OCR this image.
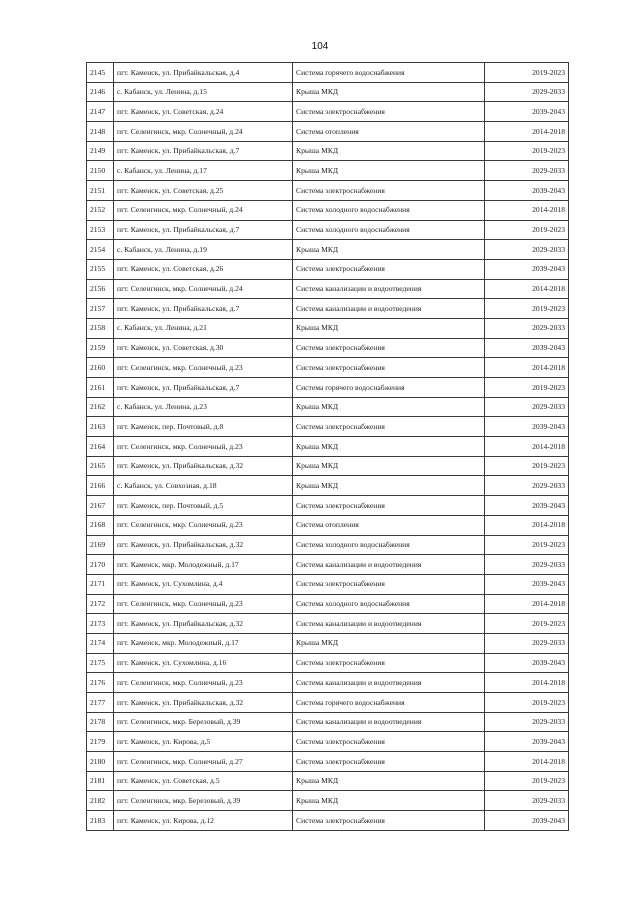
104
2145	пгт. Каменск, ул. Прибайкальская, д.4	Система горячего водоснабжения	2019-2023
2146	с. Кабанск, ул. Ленина, д.15	Крыша МКД	2029-2033
2147	пгт. Каменск, ул. Советская, д.24	Система электроснабжения	2039-2043
2148	пгт. Селенгинск, мкр. Солнечный, д.24	Система отопления	2014-2018
2149	пгт. Каменск, ул. Прибайкальская, д.7	Крыша МКД	2019-2023
2150	с. Кабанск, ул. Ленина, д.17	Крыша МКД	2029-2033
2151	пгт. Каменск, ул. Советская, д.25	Система электроснабжения	2039-2043
2152	пгт. Селенгинск, мкр. Солнечный, д.24	Система холодного водоснабжения	2014-2018
2153	пгт. Каменск, ул. Прибайкальская, д.7	Система холодного водоснабжения	2019-2023
2154	с. Кабанск, ул. Ленина, д.19	Крыша МКД	2029-2033
2155	пгт. Каменск, ул. Советская, д.26	Система электроснабжения	2039-2043
2156	пгт. Селенгинск, мкр. Солнечный, д.24	Система канализации и водоотведения	2014-2018
2157	пгт. Каменск, ул. Прибайкальская, д.7	Система канализации и водоотведения	2019-2023
2158	с. Кабанск, ул. Ленина, д.21	Крыша МКД	2029-2033
2159	пгт. Каменск, ул. Советская, д.30	Система электроснабжения	2039-2043
2160	пгт. Селенгинск, мкр. Солнечный, д.23	Система электроснабжения	2014-2018
2161	пгт. Каменск, ул. Прибайкальская, д.7	Система горячего водоснабжения	2019-2023
2162	с. Кабанск, ул. Ленина, д.23	Крыша МКД	2029-2033
2163	пгт. Каменск, пер. Почтовый, д.8	Система электроснабжения	2039-2043
2164	пгт. Селенгинск, мкр. Солнечный, д.23	Крыша МКД	2014-2018
2165	пгт. Каменск, ул. Прибайкальская, д.32	Крыша МКД	2019-2023
2166	с. Кабанск, ул. Совхозная, д.18	Крыша МКД	2029-2033
2167	пгт. Каменск, пер. Почтовый, д.5	Система электроснабжения	2039-2043
2168	пгт. Селенгинск, мкр. Солнечный, д.23	Система отопления	2014-2018
2169	пгт. Каменск, ул. Прибайкальская, д.32	Система холодного водоснабжения	2019-2023
2170	пгт. Каменск, мкр. Молодежный, д.17	Система канализации и водоотведения	2029-2033
2171	пгт. Каменск, ул. Сухомлина, д.4	Система электроснабжения	2039-2043
2172	пгт. Селенгинск, мкр. Солнечный, д.23	Система холодного водоснабжения	2014-2018
2173	пгт. Каменск, ул. Прибайкальская, д.32	Система канализации и водоотведения	2019-2023
2174	пгт. Каменск, мкр. Молодежный, д.17	Крыша МКД	2029-2033
2175	пгт. Каменск, ул. Сухомлина, д.16	Система электроснабжения	2039-2043
2176	пгт. Селенгинск, мкр. Солнечный, д.23	Система канализации и водоотведения	2014-2018
2177	пгт. Каменск, ул. Прибайкальская, д.32	Система горячего водоснабжения	2019-2023
2178	пгт. Селенгинск, мкр. Березовый, д.39	Система канализации и водоотведения	2029-2033
2179	пгт. Каменск, ул. Кирова, д.5	Система электроснабжения	2039-2043
2180	пгт. Селенгинск, мкр. Солнечный, д.27	Система электроснабжения	2014-2018
2181	пгт. Каменск, ул. Советская, д.5	Крыша МКД	2019-2023
2182	пгт. Селенгинск, мкр. Березовый, д.39	Крыша МКД	2029-2033
2183	пгт. Каменск, ул. Кирова, д.12	Система электроснабжения	2039-2043
